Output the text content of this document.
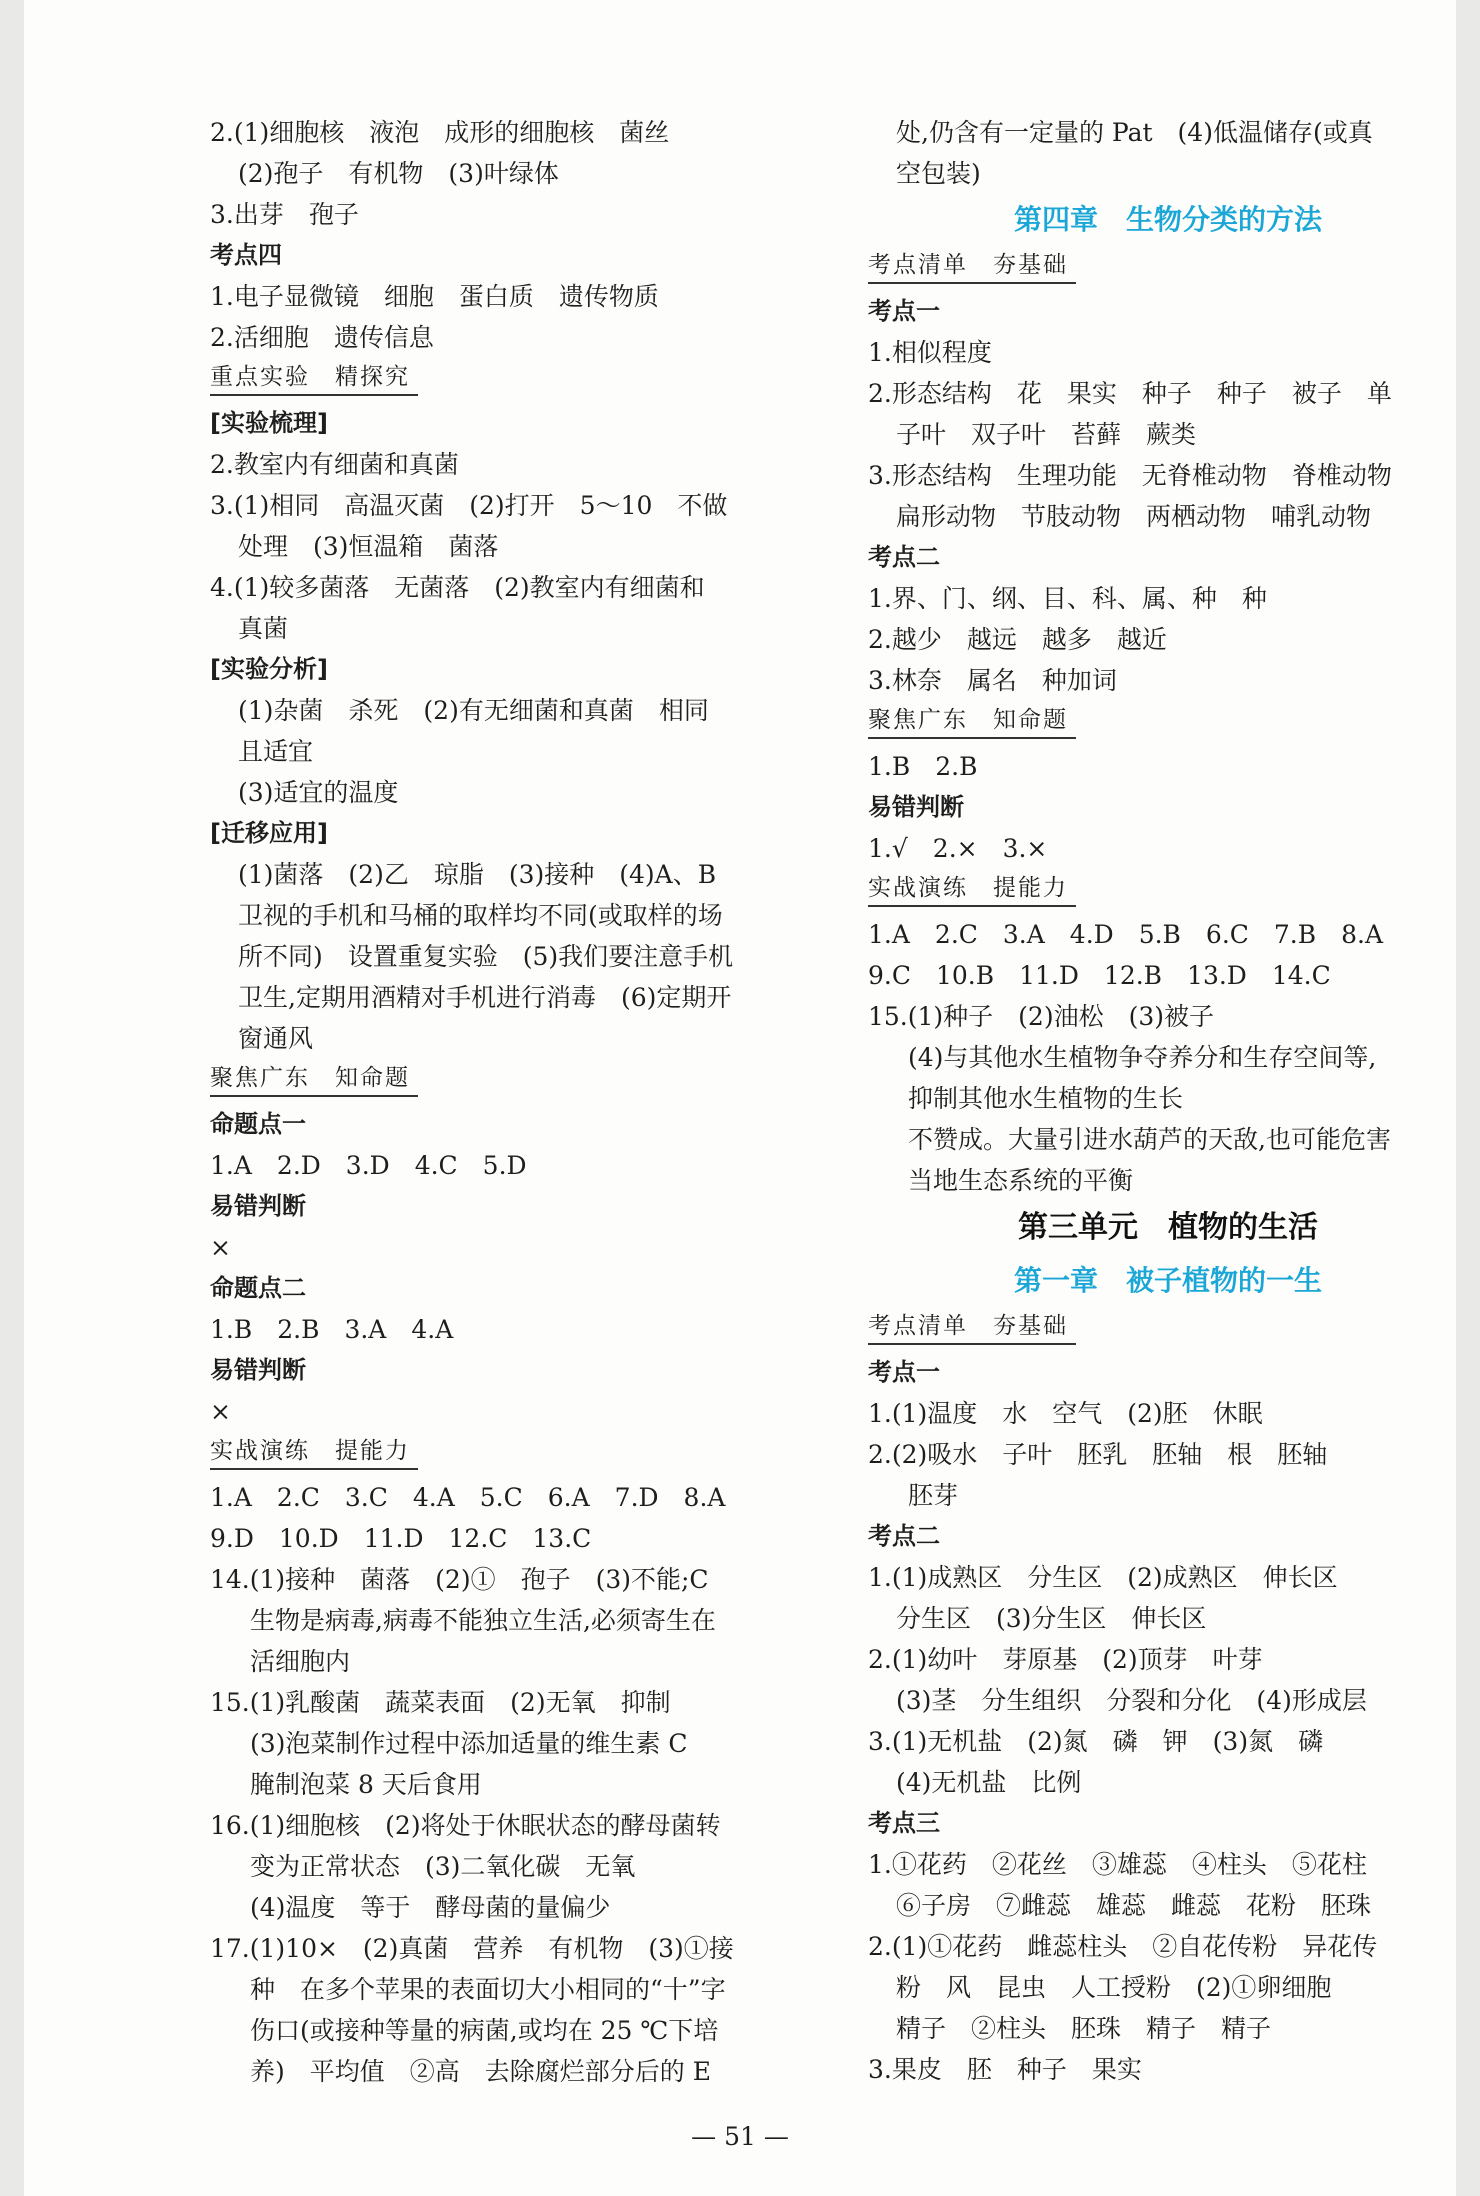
2.(1)细胞核　液泡　成形的细胞核　菌丝
(2)孢子　有机物　(3)叶绿体
3.出芽　孢子
考点四
1.电子显微镜　细胞　蛋白质　遗传物质
2.活细胞　遗传信息
重点实验　精探究
[实验梳理]
2.教室内有细菌和真菌
3.(1)相同　高温灭菌　(2)打开　5～10　不做
处理　(3)恒温箱　菌落
4.(1)较多菌落　无菌落　(2)教室内有细菌和
真菌
[实验分析]
(1)杂菌　杀死　(2)有无细菌和真菌　相同
且适宜
(3)适宜的温度
[迁移应用]
(1)菌落　(2)乙　琼脂　(3)接种　(4)A、B
卫视的手机和马桶的取样均不同(或取样的场
所不同)　设置重复实验　(5)我们要注意手机
卫生,定期用酒精对手机进行消毒　(6)定期开
窗通风
聚焦广东　知命题
命题点一
1.A　2.D　3.D　4.C　5.D
易错判断
×
命题点二
1.B　2.B　3.A　4.A
易错判断
×
实战演练　提能力
1.A　2.C　3.C　4.A　5.C　6.A　7.D　8.A
9.D　10.D　11.D　12.C　13.C
14.(1)接种　菌落　(2)①　孢子　(3)不能;C
生物是病毒,病毒不能独立生活,必须寄生在
活细胞内
15.(1)乳酸菌　蔬菜表面　(2)无氧　抑制
(3)泡菜制作过程中添加适量的维生素 C
腌制泡菜 8 天后食用
16.(1)细胞核　(2)将处于休眠状态的酵母菌转
变为正常状态　(3)二氧化碳　无氧
(4)温度　等于　酵母菌的量偏少
17.(1)10×　(2)真菌　营养　有机物　(3)①接
种　在多个苹果的表面切大小相同的“十”字
伤口(或接种等量的病菌,或均在 25 ℃下培
养)　平均值　②高　去除腐烂部分后的 E
处,仍含有一定量的 Pat　(4)低温储存(或真
空包装)
第四章　生物分类的方法
考点清单　夯基础
考点一
1.相似程度
2.形态结构　花　果实　种子　种子　被子　单
子叶　双子叶　苔藓　蕨类
3.形态结构　生理功能　无脊椎动物　脊椎动物
扁形动物　节肢动物　两栖动物　哺乳动物
考点二
1.界、门、纲、目、科、属、种　种
2.越少　越远　越多　越近
3.林奈　属名　种加词
聚焦广东　知命题
1.B　2.B
易错判断
1.√　2.×　3.×
实战演练　提能力
1.A　2.C　3.A　4.D　5.B　6.C　7.B　8.A
9.C　10.B　11.D　12.B　13.D　14.C
15.(1)种子　(2)油松　(3)被子
(4)与其他水生植物争夺养分和生存空间等,
抑制其他水生植物的生长
不赞成。大量引进水葫芦的天敌,也可能危害
当地生态系统的平衡
第三单元　植物的生活
第一章　被子植物的一生
考点清单　夯基础
考点一
1.(1)温度　水　空气　(2)胚　休眠
2.(2)吸水　子叶　胚乳　胚轴　根　胚轴
胚芽
考点二
1.(1)成熟区　分生区　(2)成熟区　伸长区
分生区　(3)分生区　伸长区
2.(1)幼叶　芽原基　(2)顶芽　叶芽
(3)茎　分生组织　分裂和分化　(4)形成层
3.(1)无机盐　(2)氮　磷　钾　(3)氮　磷
(4)无机盐　比例
考点三
1.①花药　②花丝　③雄蕊　④柱头　⑤花柱
⑥子房　⑦雌蕊　雄蕊　雌蕊　花粉　胚珠
2.(1)①花药　雌蕊柱头　②自花传粉　异花传
粉　风　昆虫　人工授粉　(2)①卵细胞
精子　②柱头　胚珠　精子　精子
3.果皮　胚　种子　果实
— 51 —
